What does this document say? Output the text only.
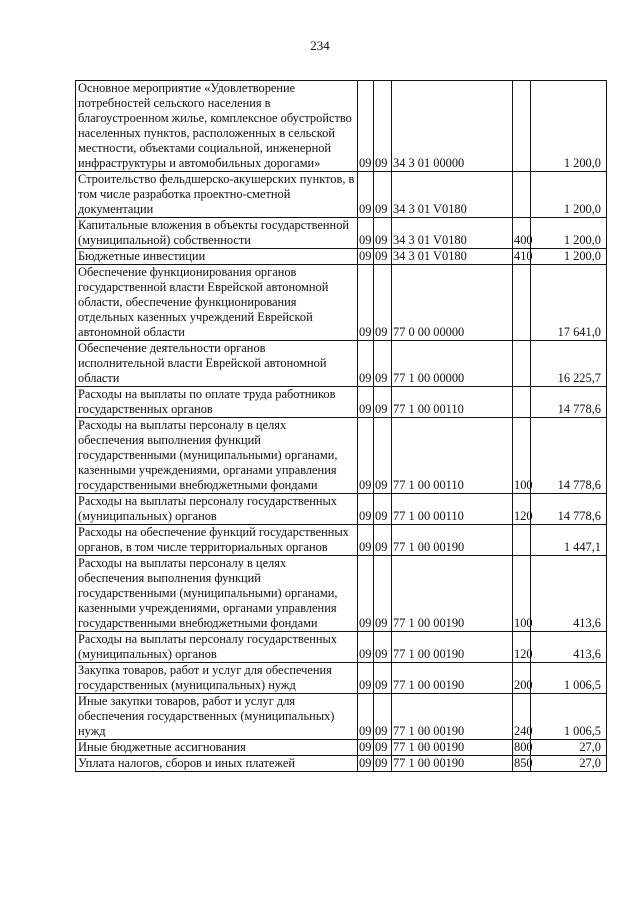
234
Основное мероприятие «Удовлетворение потребностей сельского населения в благоустроенном жилье, комплексное обустройство населенных пунктов, расположенных в сельской местности, объектами социальной, инженерной инфраструктуры и автомобильных дорогами»	09	09	34 3 01 00000		1 200,0
Строительство фельдшерско-акушерских пунктов, в том числе разработка проектно-сметной документации	09	09	34 3 01 V0180		1 200,0
Капитальные вложения в объекты государственной (муниципальной) собственности	09	09	34 3 01 V0180	400	1 200,0
Бюджетные инвестиции	09	09	34 3 01 V0180	410	1 200,0
Обеспечение функционирования органов государственной власти Еврейской автономной области, обеспечение функционирования отдельных казенных учреждений Еврейской автономной области	09	09	77 0 00 00000		17 641,0
Обеспечение деятельности органов исполнительной власти Еврейской автономной области	09	09	77 1 00 00000		16 225,7
Расходы на выплаты по оплате труда работников государственных органов	09	09	77 1 00 00110		14 778,6
Расходы на выплаты персоналу в целях обеспечения выполнения функций государственными (муниципальными) органами, казенными учреждениями, органами управления государственными внебюджетными фондами	09	09	77 1 00 00110	100	14 778,6
Расходы на выплаты персоналу государственных (муниципальных) органов	09	09	77 1 00 00110	120	14 778,6
Расходы на обеспечение функций государственных органов, в том числе территориальных органов	09	09	77 1 00 00190		1 447,1
Расходы на выплаты персоналу в целях обеспечения выполнения функций государственными (муниципальными) органами, казенными учреждениями, органами управления государственными внебюджетными фондами	09	09	77 1 00 00190	100	413,6
Расходы на выплаты персоналу государственных (муниципальных) органов	09	09	77 1 00 00190	120	413,6
Закупка товаров, работ и услуг для обеспечения государственных (муниципальных) нужд	09	09	77 1 00 00190	200	1 006,5
Иные закупки товаров, работ и услуг для обеспечения государственных (муниципальных) нужд	09	09	77 1 00 00190	240	1 006,5
Иные бюджетные ассигнования	09	09	77 1 00 00190	800	27,0
Уплата налогов, сборов и иных платежей	09	09	77 1 00 00190	850	27,0
